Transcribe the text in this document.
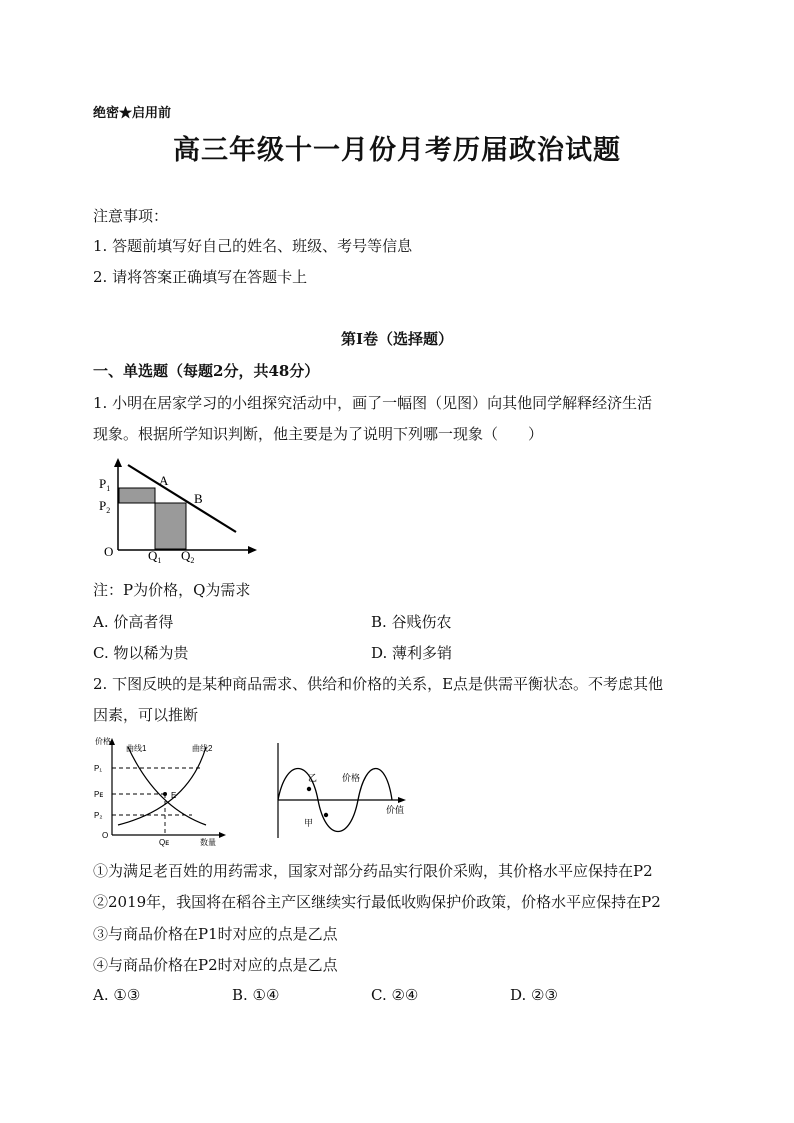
绝密★启用前
高三年级十一月份月考历届政治试题
注意事项：
1. 答题前填写好自己的姓名、班级、考号等信息
2. 请将答案正确填写在答题卡上
第I卷（选择题）
一、单选题（每题2分，共48分）
1. 小明在居家学习的小组探究活动中，画了一幅图（见图）向其他同学解释经济生活
现象。根据所学知识判断，他主要是为了说明下列哪一现象（　　）
$P_1$
$P_2$
A
B
O	$Q_1$ $Q_2$
注：P为价格，Q为需求
A. 价高者得	B. 谷贱伤农
C. 物以稀为贵	D. 薄利多销
2. 下图反映的是某种商品需求、供给和价格的关系，E点是供需平衡状态。不考虑其他
因素，可以推断
价格
曲线1	曲线2
P₁
Pᴇ
P₂
E
O
Qᴇ	数量
乙
甲
价格
价值
①为满足老百姓的用药需求，国家对部分药品实行限价采购，其价格水平应保持在P2
②2019年，我国将在稻谷主产区继续实行最低收购保护价政策，价格水平应保持在P2
③与商品价格在P1时对应的点是乙点
④与商品价格在P2时对应的点是乙点
A. ①③	B. ①④	C. ②④	D. ②③
